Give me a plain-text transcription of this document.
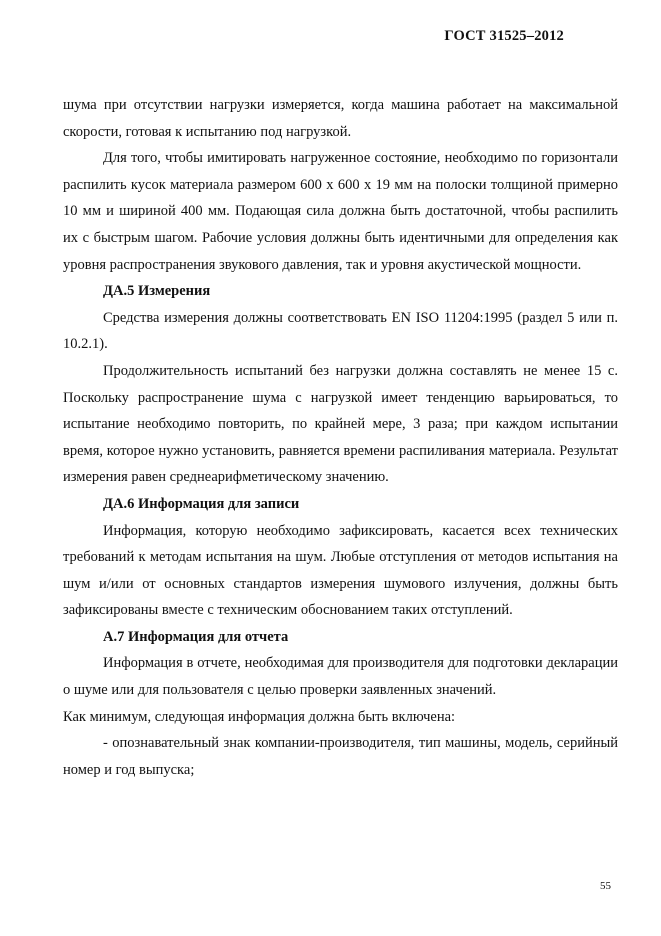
ГОСТ 31525–2012

шума при отсутствии нагрузки измеряется, когда машина работает на максимальной скорости, готовая к испытанию под нагрузкой.

Для того, чтобы имитировать нагруженное состояние, необходимо по горизонтали распилить кусок материала размером 600 х 600 х 19 мм на полоски толщиной примерно 10 мм и шириной 400 мм. Подающая сила должна быть достаточной, чтобы распилить их с быстрым шагом. Рабочие условия должны быть идентичными для определения как уровня распространения звукового давления, так и уровня акустической мощности.

ДА.5 Измерения

Средства измерения должны соответствовать EN ISO 11204:1995 (раздел 5 или п. 10.2.1).

Продолжительность испытаний без нагрузки должна составлять не менее 15 с. Поскольку распространение шума с нагрузкой имеет тенденцию варьироваться, то испытание необходимо повторить, по крайней мере, 3 раза; при каждом испытании время, которое нужно установить, равняется времени распиливания материала. Результат измерения равен среднеарифметическому значению.

ДА.6 Информация для записи

Информация, которую необходимо зафиксировать, касается всех технических требований к методам испытания на шум. Любые отступления от методов испытания на шум и/или от основных стандартов измерения шумового излучения, должны быть зафиксированы вместе с техническим обоснованием таких отступлений.

А.7 Информация для отчета

Информация в отчете, необходимая для производителя для подготовки декларации о шуме или для пользователя с целью проверки заявленных значений.

Как минимум, следующая информация должна быть включена:

- опознавательный знак компании-производителя, тип машины, модель, серийный номер и год выпуска;

55
